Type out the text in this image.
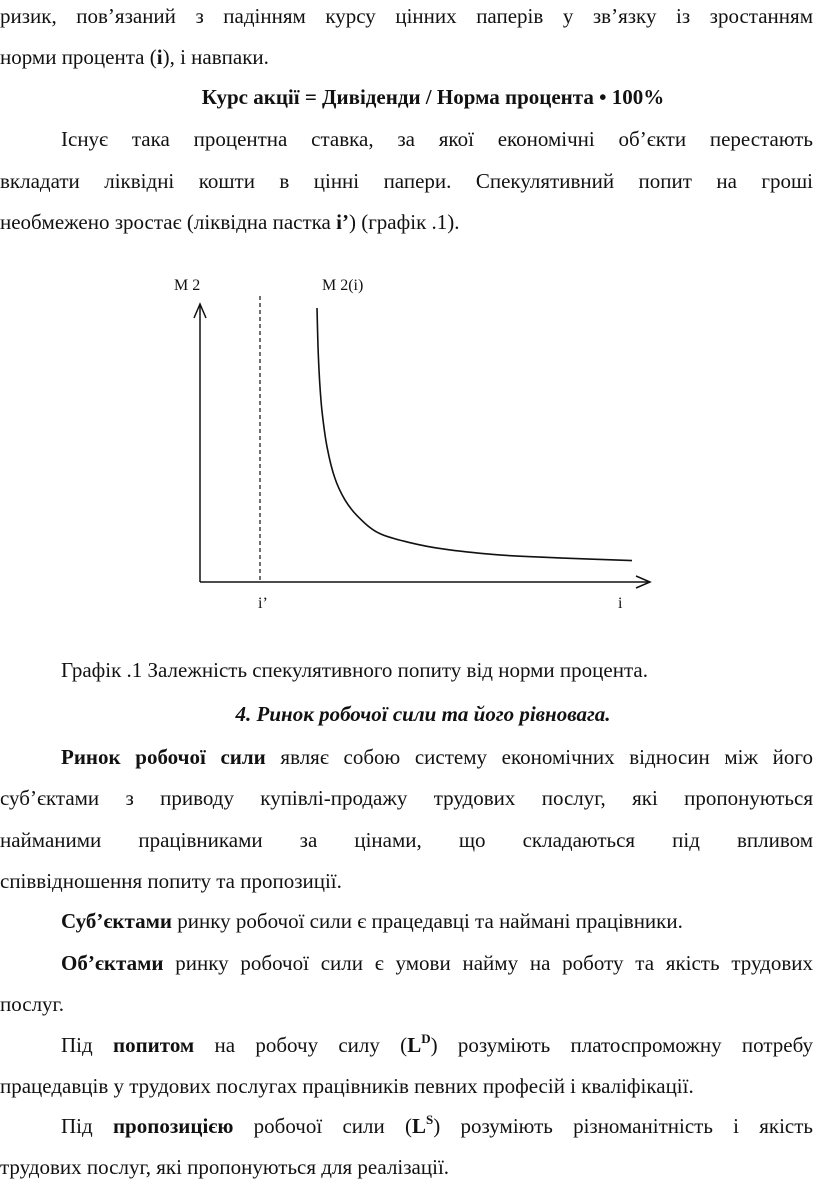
ризик, пов’язаний з падінням курсу цінних паперів у зв’язку із зростанням
норми процента (i), і навпаки.
Курс акції = Дивіденди / Норма процента • 100%
Існує така процентна ставка, за якої економічні об’єкти перестають
вкладати ліквідні кошти в цінні папери. Спекулятивний попит на гроші
необмежено зростає (ліквідна пастка і’) (графік .1).
M 2	M 2(i)
i’	i
Графік .1 Залежність спекулятивного попиту від норми процента.
4. Ринок робочої сили та його рівновага.
Ринок робочої сили являє собою систему економічних відносин між його
суб’єктами з приводу купівлі-продажу трудових послуг, які пропонуються
найманими працівниками за цінами, що складаються під впливом
співвідношення попиту та пропозиції.
Суб’єктами ринку робочої сили є працедавці та наймані працівники.
Об’єктами ринку робочої сили є умови найму на роботу та якість трудових
послуг.
Під попитом на робочу силу $(L^D)$ розуміють платоспроможну потребу
працедавців у трудових послугах працівників певних професій і кваліфікації.
Під пропозицією робочої сили $(L^S)$ розуміють різноманітність і якість
трудових послуг, які пропонуються для реалізації.
